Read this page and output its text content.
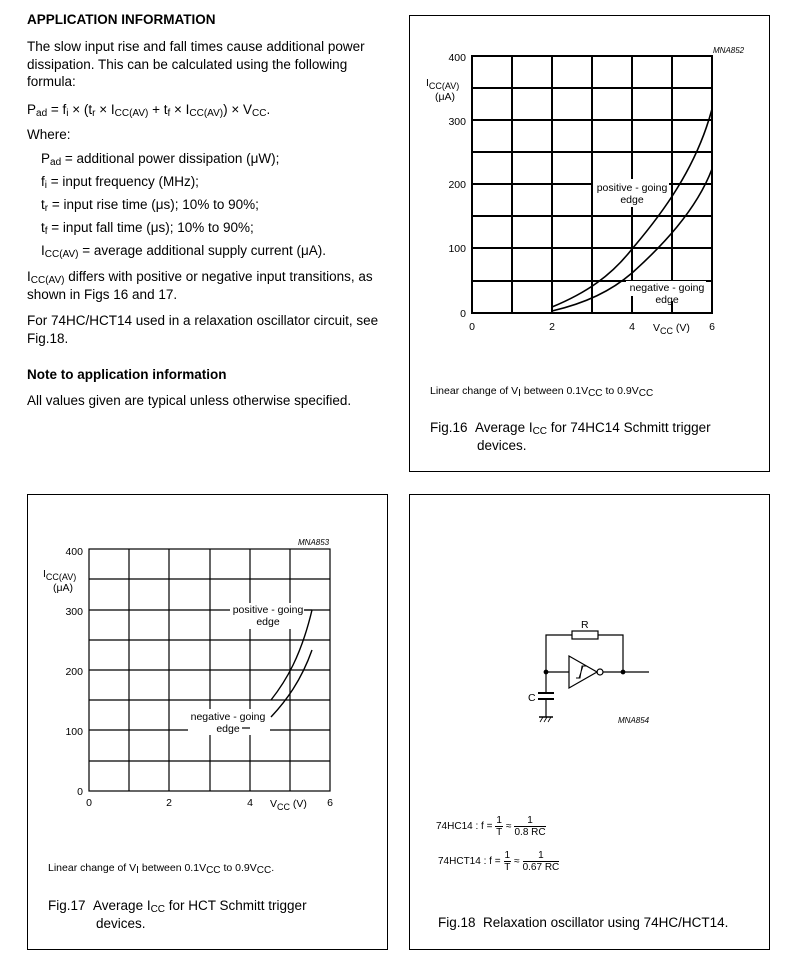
APPLICATION INFORMATION
The slow input rise and fall times cause additional power dissipation. This can be calculated using the following formula:
$P_{ad} = f_i \times (t_r \times I_{CC(AV)} + t_f \times I_{CC(AV)}) \times V_{CC}$.
Where:
$P_{ad}$ = additional power dissipation (μW);
$f_i$ = input frequency (MHz);
$t_r$ = input rise time (μs); 10% to 90%;
$t_f$ = input fall time (μs); 10% to 90%;
$I_{CC(AV)}$ = average additional supply current (μA).
$I_{CC(AV)}$ differs with positive or negative input transitions, as shown in Figs 16 and 17.
For 74HC/HCT14 used in a relaxation oscillator circuit, see Fig.18.
Note to application information
All values given are typical unless otherwise specified.
MNA852
400
300
200
100
0
ICC(AV)
(μA)
0	2	4	6
VCC (V)
positive - going
edge
negative - going
edge
Linear change of $V_I$ between $0.1V_{CC}$ to $0.9V_{CC}$
Fig.16  Average $I_{CC}$ for 74HC14 Schmitt trigger
devices.
MNA853
400
300
200
100
0
ICC(AV)
(μA)
0	2	4	6
VCC (V)
positive - going
edge
negative - going
edge
Linear change of $V_I$ between $0.1V_{CC}$ to $0.9V_{CC}$.
Fig.17  Average $I_{CC}$ for HCT Schmitt trigger
devices.
R
C
MNA854
74HC14 : $f = \frac{1}{T} \approx \frac{1}{0.8 RC}$
74HCT14 : $f = \frac{1}{T} \approx \frac{1}{0.67 RC}$
Fig.18 Relaxation oscillator using 74HC/HCT14.
